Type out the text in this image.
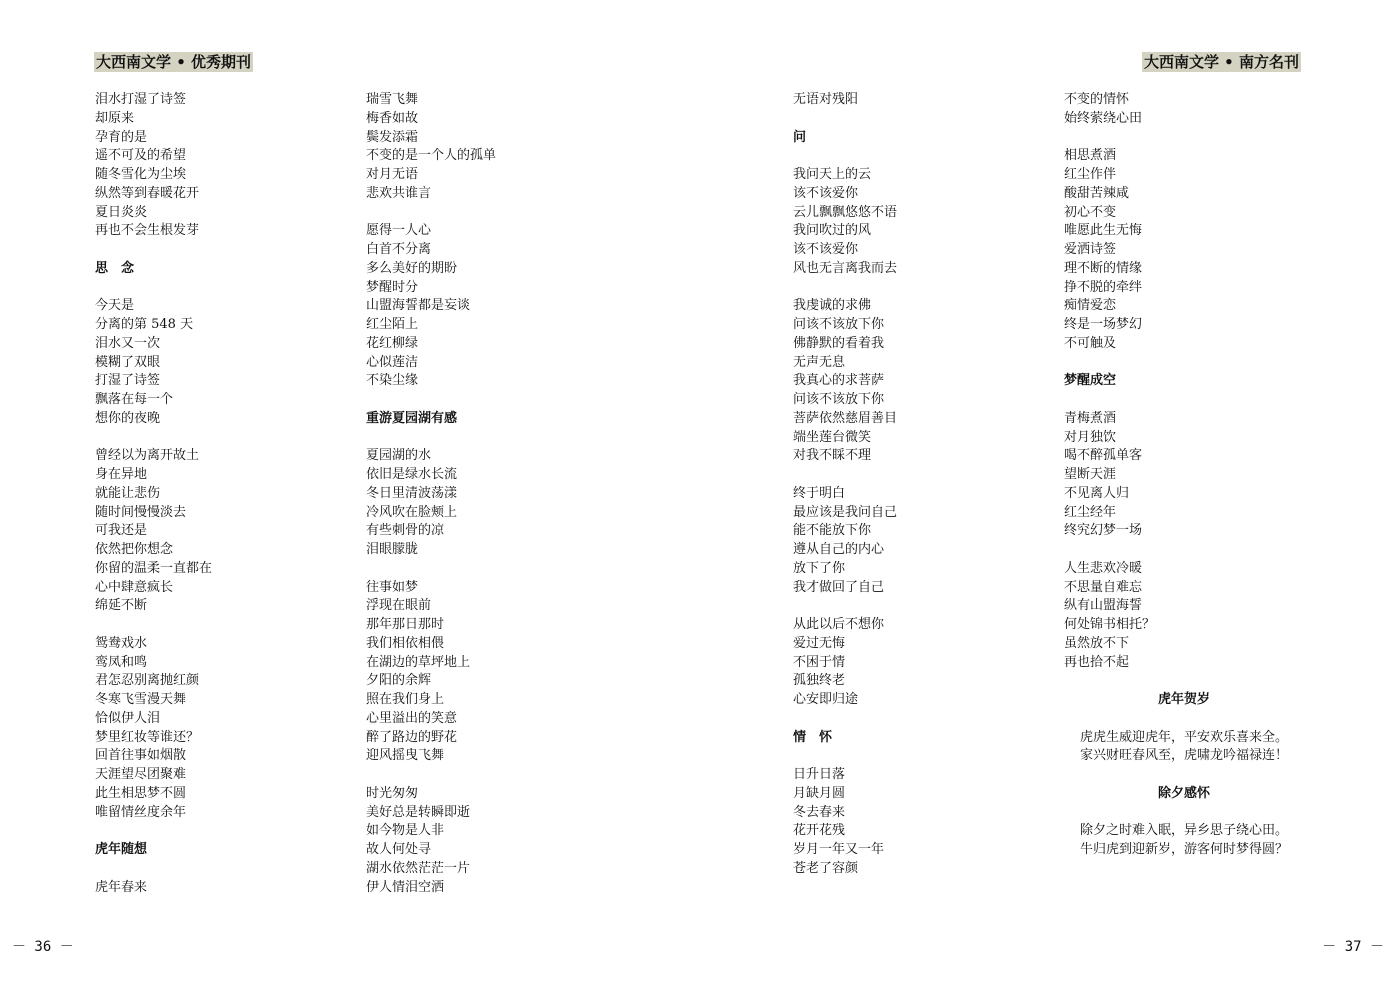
大西南文学 • 优秀期刊	大西南文学 • 南方名刊
泪水打湿了诗签
却原来
孕育的是
遥不可及的希望
随冬雪化为尘埃
纵然等到春暖花开
夏日炎炎
再也不会生根发芽
思　念
今天是
分离的第 548 天
泪水又一次
模糊了双眼
打湿了诗签
飘落在每一个
想你的夜晚
曾经以为离开故土
身在异地
就能让悲伤
随时间慢慢淡去
可我还是
依然把你想念
你留的温柔一直都在
心中肆意疯长
绵延不断
鸳鸯戏水
鸾凤和鸣
君怎忍别离抛红颜
冬寒飞雪漫天舞
恰似伊人泪
梦里红妆等谁还？
回首往事如烟散
天涯望尽团聚难
此生相思梦不圆
唯留情丝度余年
虎年随想
虎年春来
瑞雪飞舞
梅香如故
鬓发添霜
不变的是一个人的孤单
对月无语
悲欢共谁言
愿得一人心
白首不分离
多么美好的期盼
梦醒时分
山盟海誓都是妄谈
红尘陌上
花红柳绿
心似莲洁
不染尘缘
重游夏园湖有感
夏园湖的水
依旧是绿水长流
冬日里清波荡漾
冷风吹在脸颊上
有些刺骨的凉
泪眼朦胧
往事如梦
浮现在眼前
那年那日那时
我们相依相偎
在湖边的草坪地上
夕阳的余辉
照在我们身上
心里溢出的笑意
醉了路边的野花
迎风摇曳飞舞
时光匆匆
美好总是转瞬即逝
如今物是人非
故人何处寻
湖水依然茫茫一片
伊人情泪空洒
无语对残阳
问
我问天上的云
该不该爱你
云儿飘飘悠悠不语
我问吹过的风
该不该爱你
风也无言离我而去
我虔诚的求佛
问该不该放下你
佛静默的看着我
无声无息
我真心的求菩萨
问该不该放下你
菩萨依然慈眉善目
端坐莲台微笑
对我不睬不理
终于明白
最应该是我问自己
能不能放下你
遵从自己的内心
放下了你
我才做回了自己
从此以后不想你
爱过无悔
不困于情
孤独终老
心安即归途
情　怀
日升日落
月缺月圆
冬去春来
花开花残
岁月一年又一年
苍老了容颜
不变的情怀
始终萦绕心田
相思煮酒
红尘作伴
酸甜苦辣咸
初心不变
唯愿此生无悔
爱洒诗签
理不断的情缘
挣不脱的牵绊
痴情爱恋
终是一场梦幻
不可触及
梦醒成空
青梅煮酒
对月独饮
喝不醉孤单客
望断天涯
不见离人归
红尘经年
终究幻梦一场
人生悲欢冷暖
不思量自难忘
纵有山盟海誓
何处锦书相托？
虽然放不下
再也拾不起
虎年贺岁
虎虎生威迎虎年，平安欢乐喜来全。
家兴财旺春风至，虎啸龙吟福禄连！
除夕感怀
除夕之时难入眠，异乡思子绕心田。
牛归虎到迎新岁，游客何时梦得圆？
－ 36 －	－ 37 －
